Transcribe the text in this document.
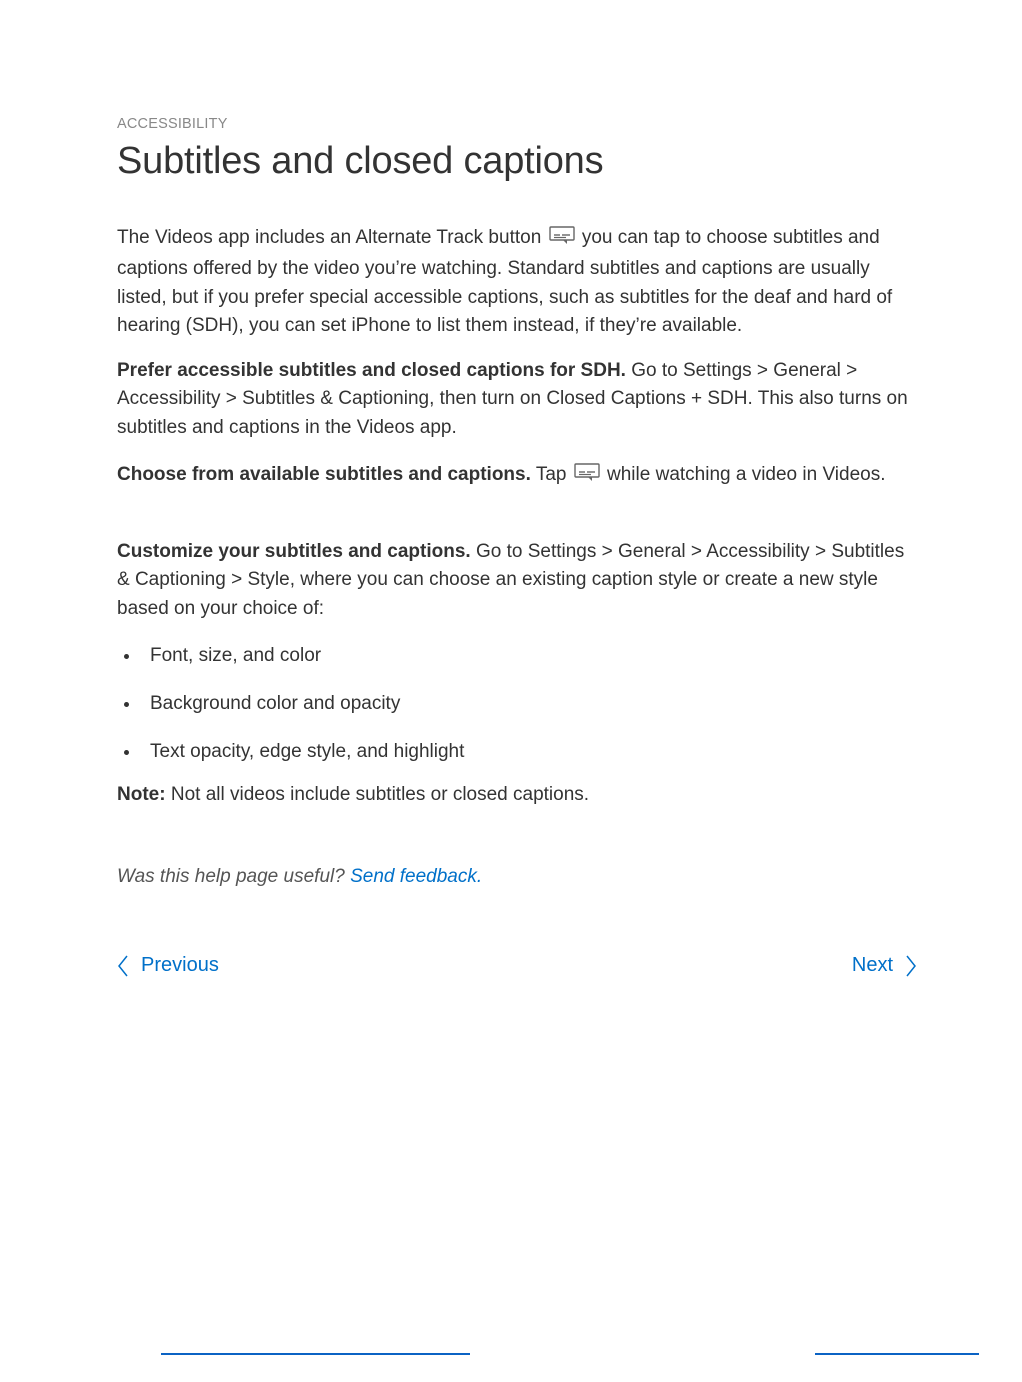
ACCESSIBILITY
Subtitles and closed captions
The Videos app includes an Alternate Track button you can tap to choose subtitles and captions offered by the video you’re watching. Standard subtitles and captions are usually listed, but if you prefer special accessible captions, such as subtitles for the deaf and hard of hearing (SDH), you can set iPhone to list them instead, if they’re available.
Prefer accessible subtitles and closed captions for SDH. Go to Settings > General > Accessibility > Subtitles & Captioning, then turn on Closed Captions + SDH. This also turns on subtitles and captions in the Videos app.
Choose from available subtitles and captions. Tap while watching a video in Videos.
Customize your subtitles and captions. Go to Settings > General > Accessibility > Subtitles & Captioning > Style, where you can choose an existing caption style or create a new style based on your choice of:
Font, size, and color
Background color and opacity
Text opacity, edge style, and highlight
Note: Not all videos include subtitles or closed captions.
Was this help page useful? Send feedback.
Previous	Next
